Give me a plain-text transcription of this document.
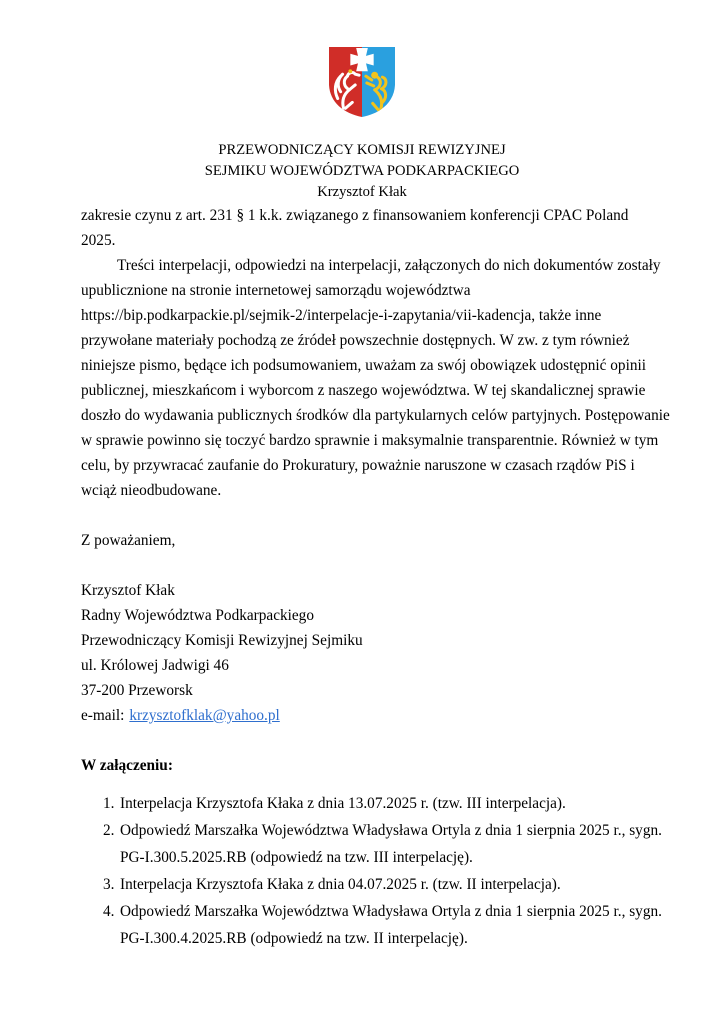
PRZEWODNICZĄCY KOMISJI REWIZYJNEJ
SEJMIKU WOJEWÓDZTWA PODKARPACKIEGO
Krzysztof Kłak
zakresie czynu z art. 231 § 1 k.k. związanego z finansowaniem konferencji CPAC Poland
2025.
Treści interpelacji, odpowiedzi na interpelacji, załączonych do nich dokumentów zostały
upublicznione na stronie internetowej samorządu województwa
https://bip.podkarpackie.pl/sejmik-2/interpelacje-i-zapytania/vii-kadencja, także inne
przywołane materiały pochodzą ze źródeł powszechnie dostępnych. W zw. z tym również
niniejsze pismo, będące ich podsumowaniem, uważam za swój obowiązek udostępnić opinii
publicznej, mieszkańcom i wyborcom z naszego województwa. W tej skandalicznej sprawie
doszło do wydawania publicznych środków dla partykularnych celów partyjnych. Postępowanie
w sprawie powinno się toczyć bardzo sprawnie i maksymalnie transparentnie. Również w tym
celu, by przywracać zaufanie do Prokuratury, poważnie naruszone w czasach rządów PiS i
wciąż nieodbudowane.
Z poważaniem,
Krzysztof Kłak
Radny Województwa Podkarpackiego
Przewodniczący Komisji Rewizyjnej Sejmiku
ul. Królowej Jadwigi 46
37-200 Przeworsk
e-mail: krzysztofklak@yahoo.pl
W załączeniu:
1. Interpelacja Krzysztofa Kłaka z dnia 13.07.2025 r. (tzw. III interpelacja).
2. Odpowiedź Marszałka Województwa Władysława Ortyla z dnia 1 sierpnia 2025 r., sygn.
PG-I.300.5.2025.RB (odpowiedź na tzw. III interpelację).
3. Interpelacja Krzysztofa Kłaka z dnia 04.07.2025 r. (tzw. II interpelacja).
4. Odpowiedź Marszałka Województwa Władysława Ortyla z dnia 1 sierpnia 2025 r., sygn.
PG-I.300.4.2025.RB (odpowiedź na tzw. II interpelację).
